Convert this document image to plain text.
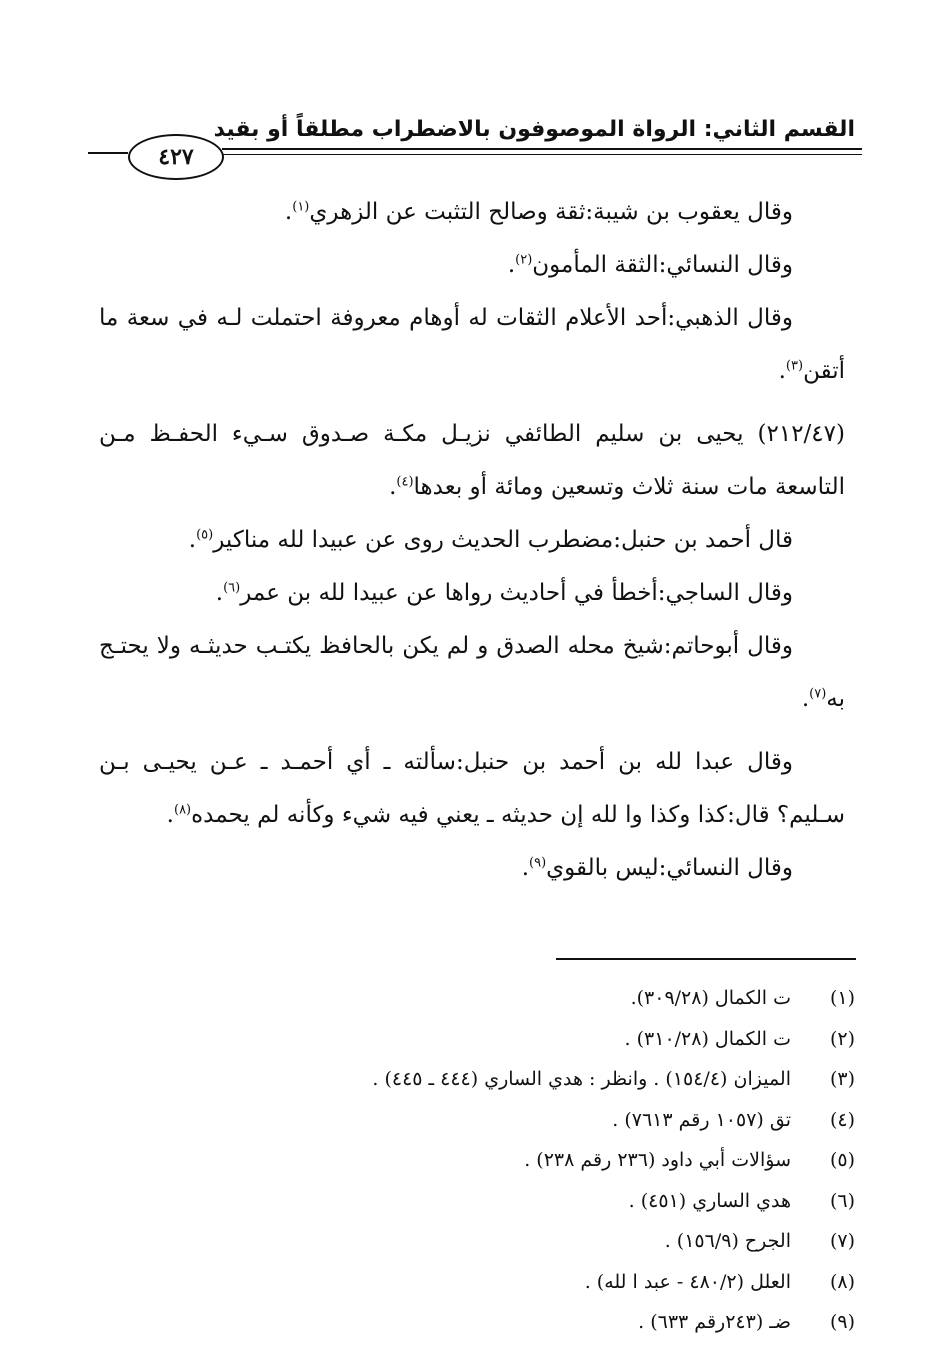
القسم الثاني: الرواة الموصوفون بالاضطراب مطلقاً أو بقيد
٤٢٧

وقال يعقوب بن شيبة:ثقة وصالح التثبت عن الزهري$^{(١)}$.

وقال النسائي:الثقة المأمون$^{(٢)}$.

وقال الذهبي:أحد الأعلام الثقات له أوهام معروفة احتملت لـه في سعة ما أتقن$^{(٣)}$.

(٢١٢/٤٧) يحيى بن سليم الطائفي نزيـل مكـة صـدوق سـيء الحفـظ مـن التاسعة مات سنة ثلاث وتسعين ومائة أو بعدها$^{(٤)}$.

قال أحمد بن حنبل:مضطرب الحديث روى عن عبيدا لله مناكير$^{(٥)}$.

وقال الساجي:أخطأ في أحاديث رواها عن عبيدا لله بن عمر$^{(٦)}$.

وقال أبوحاتم:شيخ محله الصدق و لم يكن بالحافظ يكتـب حديثـه ولا يحتـج به$^{(٧)}$.

وقال عبدا لله بن أحمد بن حنبل:سألته ـ أي أحمـد ـ عـن يحيـى بـن سـليم؟ قال:كذا وكذا وا لله إن حديثه ـ يعني فيه شيء وكأنه لم يحمده$^{(٨)}$.

وقال النسائي:ليس بالقوي$^{(٩)}$.

(١)
ت الكمال (٣٠٩/٢٨).
(٢)
ت الكمال (٣١٠/٢٨) .
(٣)
الميزان (١٥٤/٤) . وانظر : هدي الساري (٤٤٤ ـ ٤٤٥) .
(٤)
تق (١٠٥٧ رقم ٧٦١٣) .
(٥)
سؤالات أبي داود (٢٣٦ رقم ٢٣٨) .
(٦)
هدي الساري (٤٥١) .
(٧)
الجرح (١٥٦/٩) .
(٨)
العلل (٤٨٠/٢ - عبد ا لله) .
(٩)
ضـ (٢٤٣رقم ٦٣٣) .
